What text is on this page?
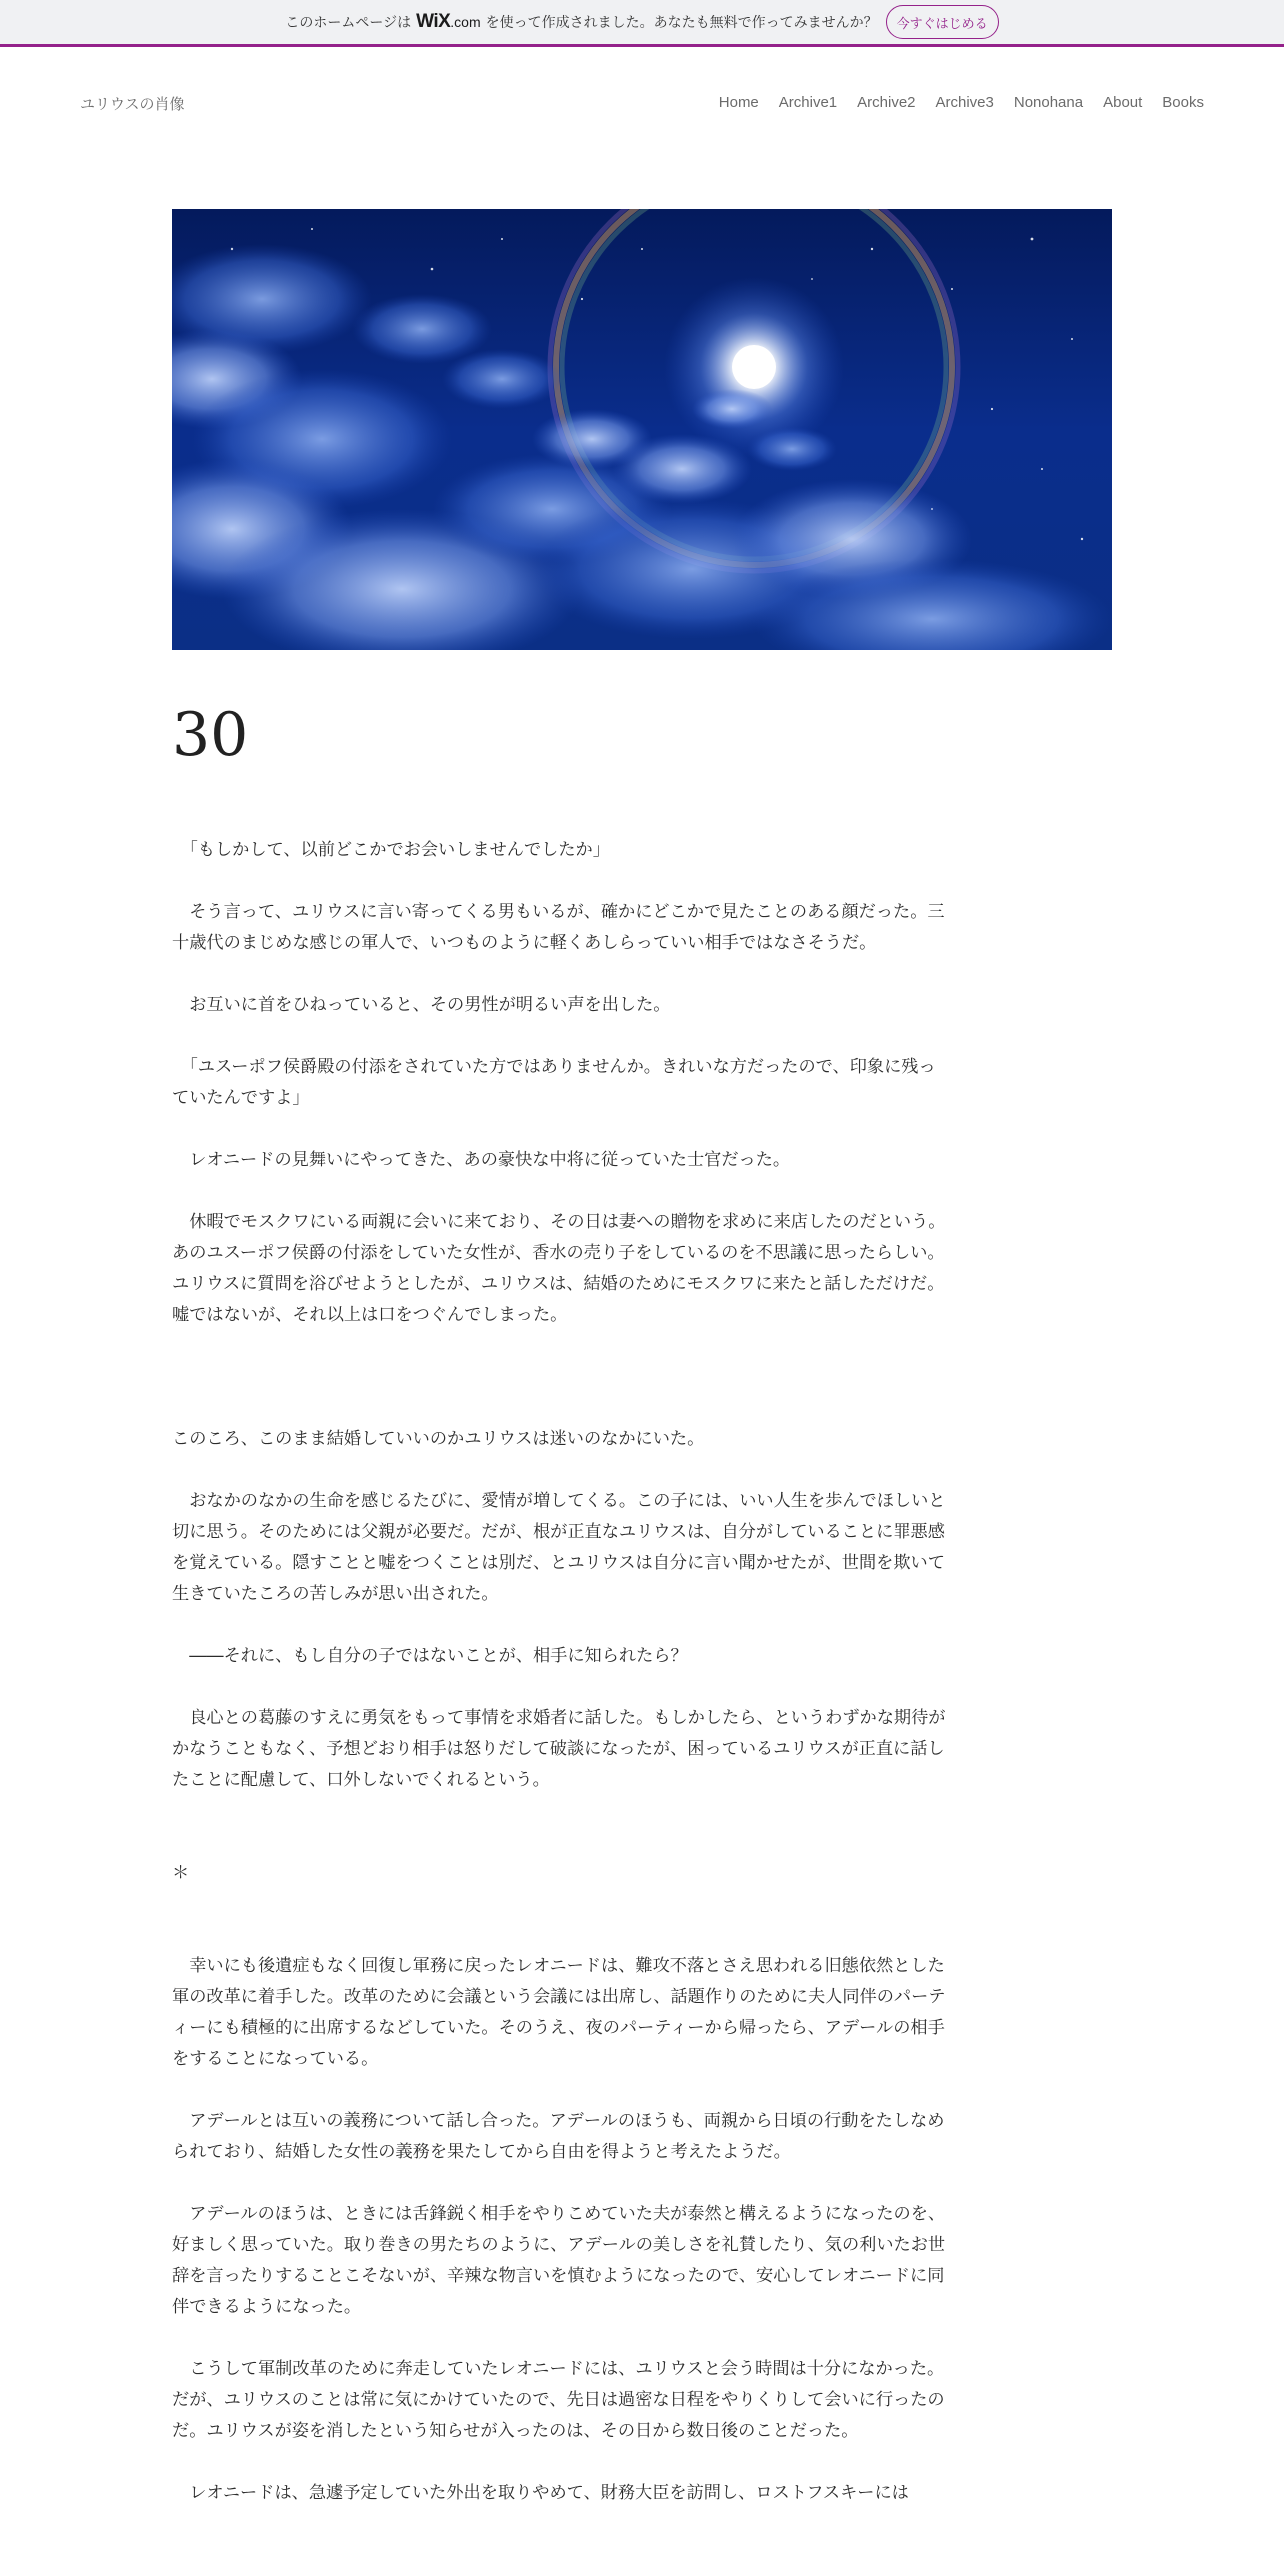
このホームページは WiX.com を使って作成されました。あなたも無料で作ってみませんか？	今すぐはじめる
ユリウスの肖像	Home Archive1 Archive2 Archive3 Nonohana About Books
30

　「もしかして、以前どこかでお会いしませんでしたか」

　そう言って、ユリウスに言い寄ってくる男もいるが、確かにどこかで見たことのある顔だった。三十歳代のまじめな感じの軍人で、いつものように軽くあしらっていい相手ではなさそうだ。

　お互いに首をひねっていると、その男性が明るい声を出した。

　「ユスーポフ侯爵殿の付添をされていた方ではありませんか。きれいな方だったので、印象に残っていたんですよ」

　レオニードの見舞いにやってきた、あの豪快な中将に従っていた士官だった。

　休暇でモスクワにいる両親に会いに来ており、その日は妻への贈物を求めに来店したのだという。あのユスーポフ侯爵の付添をしていた女性が、香水の売り子をしているのを不思議に思ったらしい。ユリウスに質問を浴びせようとしたが、ユリウスは、結婚のためにモスクワに来たと話しただけだ。嘘ではないが、それ以上は口をつぐんでしまった。

このころ、このまま結婚していいのかユリウスは迷いのなかにいた。

　おなかのなかの生命を感じるたびに、愛情が増してくる。この子には、いい人生を歩んでほしいと切に思う。そのためには父親が必要だ。だが、根が正直なユリウスは、自分がしていることに罪悪感を覚えている。隠すことと嘘をつくことは別だ、とユリウスは自分に言い聞かせたが、世間を欺いて生きていたころの苦しみが思い出された。

　――それに、もし自分の子ではないことが、相手に知られたら？

　良心との葛藤のすえに勇気をもって事情を求婚者に話した。もしかしたら、というわずかな期待がかなうこともなく、予想どおり相手は怒りだして破談になったが、困っているユリウスが正直に話したことに配慮して、口外しないでくれるという。

＊

　幸いにも後遺症もなく回復し軍務に戻ったレオニードは、難攻不落とさえ思われる旧態依然とした軍の改革に着手した。改革のために会議という会議には出席し、話題作りのために夫人同伴のパーティーにも積極的に出席するなどしていた。そのうえ、夜のパーティーから帰ったら、アデールの相手をすることになっている。

　アデールとは互いの義務について話し合った。アデールのほうも、両親から日頃の行動をたしなめられており、結婚した女性の義務を果たしてから自由を得ようと考えたようだ。

　アデールのほうは、ときには舌鋒鋭く相手をやりこめていた夫が泰然と構えるようになったのを、好ましく思っていた。取り巻きの男たちのように、アデールの美しさを礼賛したり、気の利いたお世辞を言ったりすることこそないが、辛辣な物言いを慎むようになったので、安心してレオニードに同伴できるようになった。

　こうして軍制改革のために奔走していたレオニードには、ユリウスと会う時間は十分になかった。だが、ユリウスのことは常に気にかけていたので、先日は過密な日程をやりくりして会いに行ったのだ。ユリウスが姿を消したという知らせが入ったのは、その日から数日後のことだった。

　レオニードは、急遽予定していた外出を取りやめて、財務大臣を訪問し、ロストフスキーには
